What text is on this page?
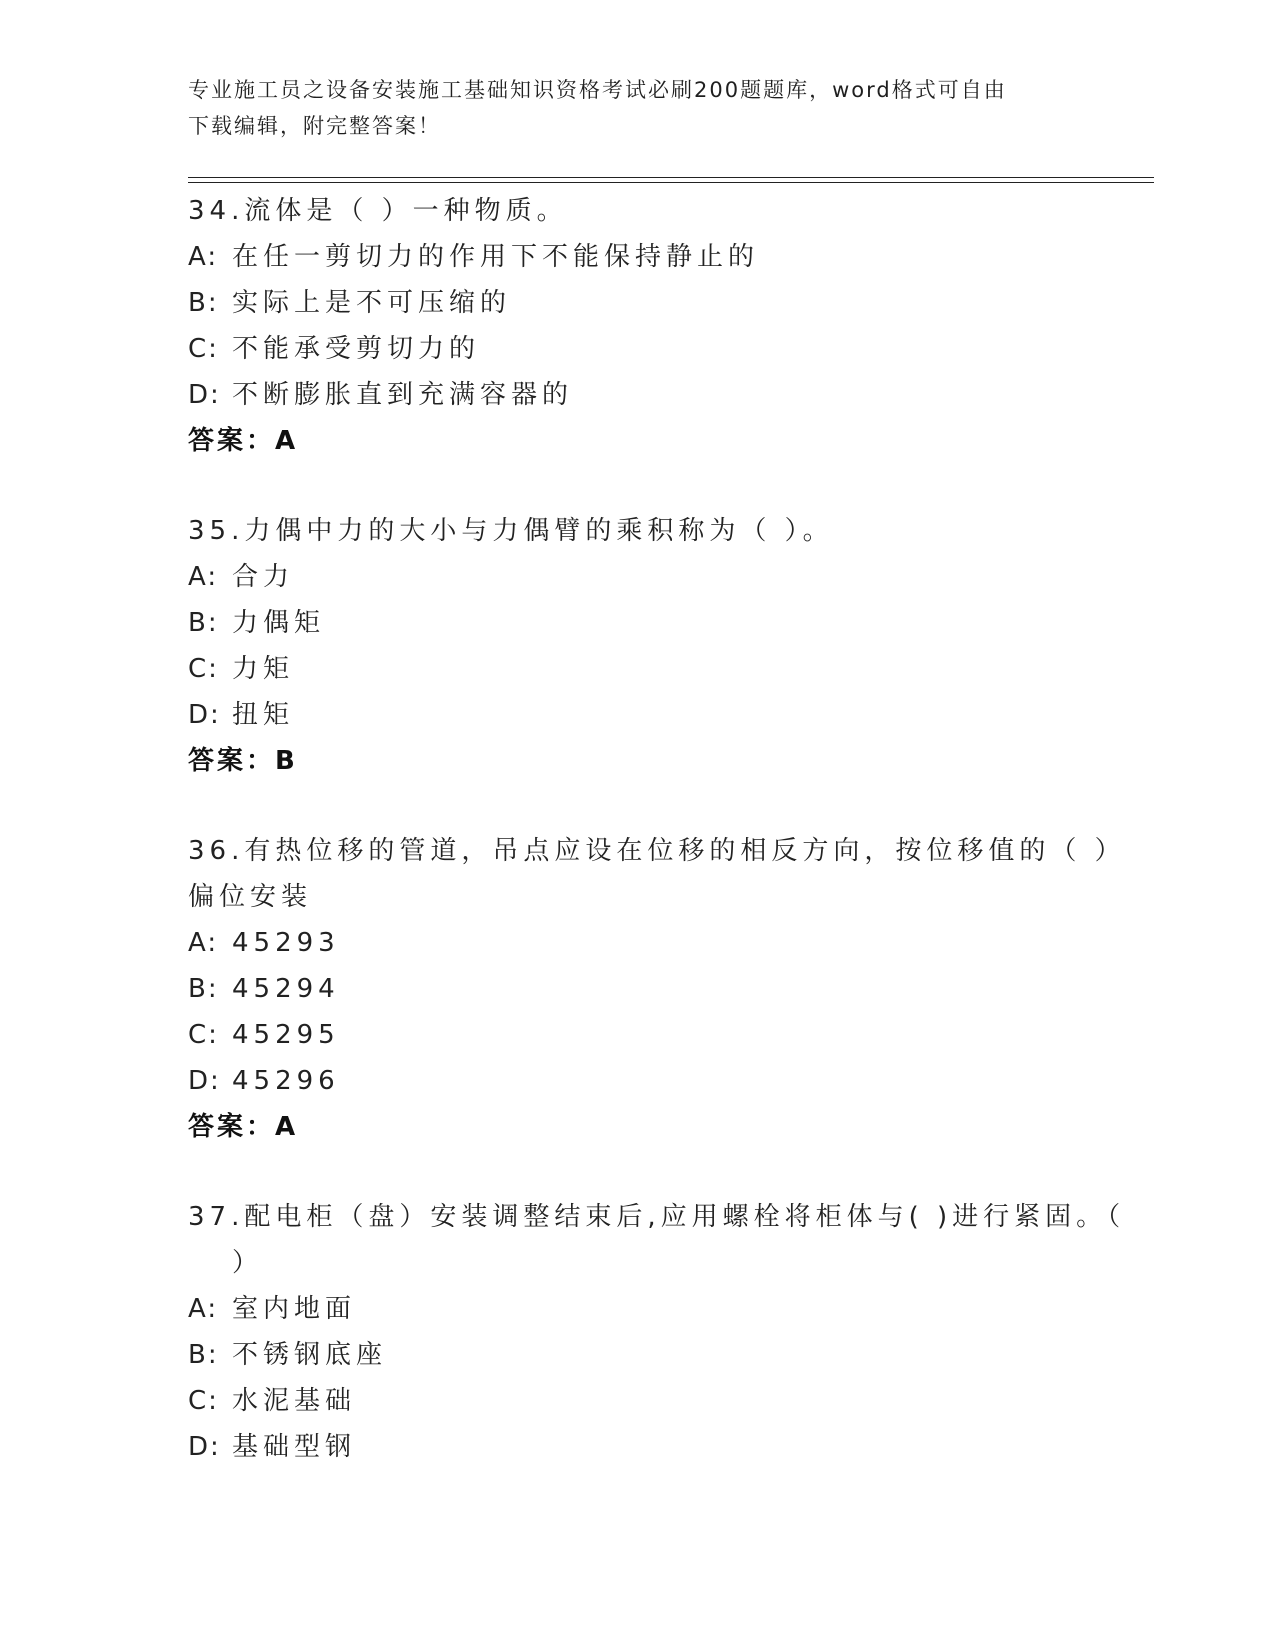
专业施工员之设备安装施工基础知识资格考试必刷200题题库，word格式可自由
下载编辑，附完整答案！
34.流体是（ ）一种物质。
A: 在任一剪切力的作用下不能保持静止的
B: 实际上是不可压缩的
C: 不能承受剪切力的
D: 不断膨胀直到充满容器的
答案：A
35.力偶中力的大小与力偶臂的乘积称为（ ）。
A: 合力
B: 力偶矩
C: 力矩
D: 扭矩
答案：B
36.有热位移的管道，吊点应设在位移的相反方向，按位移值的（ ）
偏位安装
A: 45293
B: 45294
C: 45295
D: 45296
答案：A
37.配电柜（盘）安装调整结束后,应用螺栓将柜体与( )进行紧固。（
）
A: 室内地面
B: 不锈钢底座
C: 水泥基础
D: 基础型钢
